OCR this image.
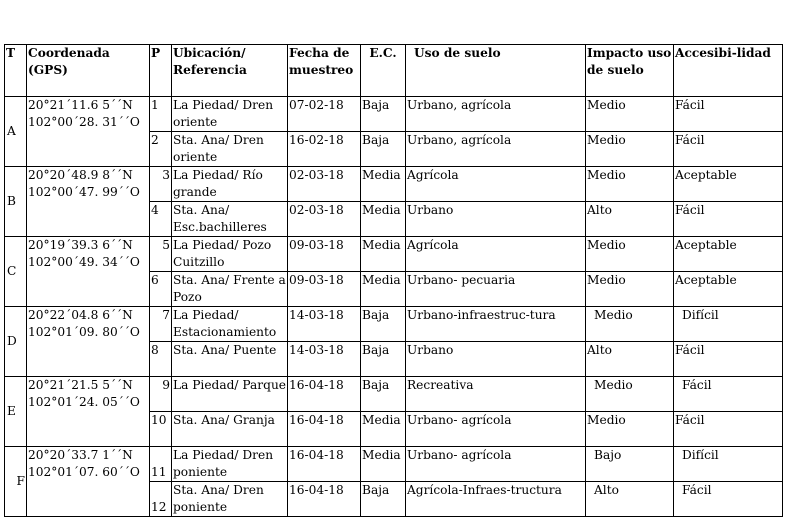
T	Coordenada (GPS)	P	Ubicación/ Referencia	Fecha de muestreo	E.C.	Uso de suelo	Impacto uso de suelo	Accesibi-lidad
A	20°21´11.6 5´´N 102°00´28. 31´´O	1	La Piedad/ Dren oriente	07-02-18	Baja	Urbano, agrícola	Medio	Fácil
		2	Sta. Ana/ Dren oriente	16-02-18	Baja	Urbano, agrícola	Medio	Fácil
B	20°20´48.9 8´´N 102°00´47. 99´´O	3	La Piedad/ Río grande	02-03-18	Media	Agrícola	Medio	Aceptable
		4	Sta. Ana/ Esc.bachilleres	02-03-18	Media	Urbano	Alto	Fácil
C	20°19´39.3 6´´N 102°00´49. 34´´O	5	La Piedad/ Pozo Cuitzillo	09-03-18	Media	Agrícola	Medio	Aceptable
		6	Sta. Ana/ Frente a Pozo	09-03-18	Media	Urbano- pecuaria	Medio	Aceptable
D	20°22´04.8 6´´N 102°01´09. 80´´O	7	La Piedad/ Estacionamiento	14-03-18	Baja	Urbano-infraestruc-tura	Medio	Difícil
		8	Sta. Ana/ Puente	14-03-18	Baja	Urbano	Alto	Fácil
E	20°21´21.5 5´´N 102°01´24. 05´´O	9	La Piedad/ Parque	16-04-18	Baja	Recreativa	Medio	Fácil
		10	Sta. Ana/ Granja	16-04-18	Media	Urbano- agrícola	Medio	Fácil
F	20°20´33.7 1´´N 102°01´07. 60´´O	11	La Piedad/ Dren poniente	16-04-18	Media	Urbano- agrícola	Bajo	Difícil
		12	Sta. Ana/ Dren poniente	16-04-18	Baja	Agrícola-Infraes-tructura	Alto	Fácil
